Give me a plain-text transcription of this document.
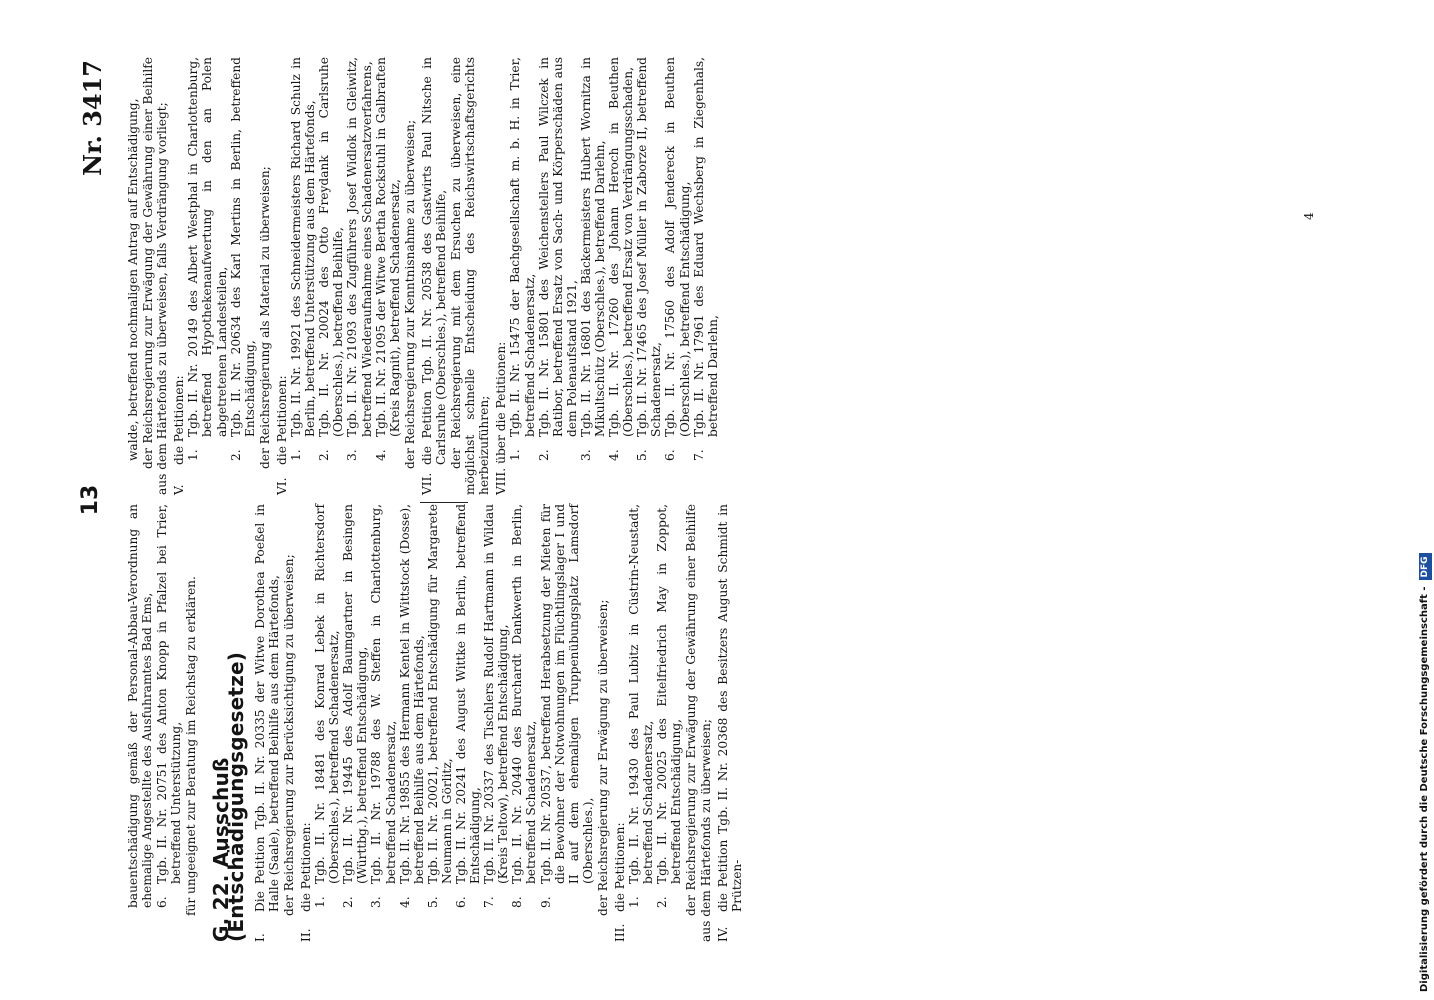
13
Nr. 3417

bauentschädigung gemäß der Personal-Abbau-Verordnung an ehemalige Angestellte des Ausfuhramtes Bad Ems, 6.
Tgb. II. Nr. 20751 des Anton Knopp in Pfalzel bei Trier, betreffend Unterstützung, für ungeeignet zur Beratung im Reichstag zu erklären. G. 22. Ausschuß (Entschädigungsgesetze) I.
Die Petition Tgb. II. Nr. 20335 der Witwe Dorothea Poeßel in Halle (Saale), betreffend Beihilfe aus dem Härtefonds, der Reichsregierung zur Berücksichtigung zu überweisen;

II.
die Petitionen: 1.
Tgb. II. Nr. 18481 des Konrad Lebek in Richtersdorf (Oberschles.), betreffend Schadenersatz,
2.
Tgb. II. Nr. 19445 des Adolf Baumgartner in Besingen (Württbg.), betreffend Entschädigung,
3.
Tgb. II. Nr. 19788 des W. Steffen in Charlottenburg, betreffend Schadenersatz,
4.
Tgb. II. Nr. 19855 des Hermann Kentel in Wittstock (Dosse), betreffend Beihilfe aus dem Härtefonds,
5.
Tgb. II. Nr. 20021, betreffend Entschädigung für Margarete Neumann in Görlitz,
6.
Tgb. II. Nr. 20241 des August Wittke in Berlin, betreffend Entschädigung,
7.
Tgb. II. Nr. 20337 des Tischlers Rudolf Hartmann in Wildau (Kreis Teltow), betreffend Entschädigung,
8.
Tgb. II. Nr. 20440 des Burchardt Dankwerth in Berlin, betreffend Schadenersatz,
9.
Tgb. II. Nr. 20537, betreffend Herabsetzung der Mieten für die Bewohner der Notwohnungen im Flüchtlingslager I und II auf dem ehemaligen Truppenübungsplatz Lamsdorf (Oberschles.), der Reichsregierung zur Erwägung zu überweisen;

III.
die Petitionen: 1.
Tgb. II. Nr. 19430 des Paul Lubitz in Cüstrin-Neustadt, betreffend Schadenersatz,
2.
Tgb. II. Nr. 20025 des Eitelfriedrich May in Zoppot, betreffend Entschädigung, der Reichsregierung zur Erwägung der Gewährung einer Beihilfe aus dem Härtefonds zu überweisen; IV.
die Petition Tgb. II. Nr. 20368 des Besitzers August Schmidt in Prützen-

walde, betreffend nochmaligen Antrag auf Entschädigung, der Reichsregierung zur Erwägung der Gewährung einer Beihilfe aus dem Härtefonds zu überweisen, falls Verdrängung vorliegt; V.
die Petitionen: 1.
Tgb. II. Nr. 20149 des Albert Westphal in Charlottenburg, betreffend Hypothekenaufwertung in den an Polen abgetretenen Landesteilen,
2.
Tgb. II. Nr. 20634 des Karl Mertins in Berlin, betreffend Entschädigung, der Reichsregierung als Material zu überweisen;

VI.
die Petitionen: 1.
Tgb. II. Nr. 19921 des Schneidermeisters Richard Schulz in Berlin, betreffend Unterstützung aus dem Härtefonds,
2.
Tgb. II. Nr. 20024 des Otto Freydank in Carlsruhe (Oberschles.), betreffend Beihilfe,
3.
Tgb. II. Nr. 21093 des Zugführers Josef Widlok in Gleiwitz, betreffend Wiederaufnahme eines Schadenersatzverfahrens,
4.
Tgb. II. Nr. 21095 der Witwe Bertha Rockstuhl in Galbraften (Kreis Ragnit), betreffend Schadenersatz, der Reichsregierung zur Kenntnisnahme zu überweisen;

VII.
die Petition Tgb. II. Nr. 20538 des Gastwirts Paul Nitsche in Carlsruhe (Oberschles.), betreffend Beihilfe, der Reichsregierung mit dem Ersuchen zu überweisen, eine möglichst schnelle Entscheidung des Reichswirtschaftsgerichts herbeizuführen; VIII.
über die Petitionen: 1.
Tgb. II. Nr. 15475 der Bachgesellschaft m. b. H. in Trier, betreffend Schadenersatz,
2.
Tgb. II. Nr. 15801 des Weichenstellers Paul Wilczek in Ratibor, betreffend Ersatz von Sach- und Körperschäden aus dem Polenaufstand 1921,
3.
Tgb. II. Nr. 16801 des Bäckermeisters Hubert Wornitza in Mikultschütz (Oberschles.), betreffend Darlehn,
4.
Tgb. II. Nr. 17260 des Johann Heroch in Beuthen (Oberschles.), betreffend Ersatz von Verdrängungsschaden,
5.
Tgb. II. Nr. 17465 des Josef Müller in Zaborze II, betreffend Schadenersatz,
6.
Tgb. II. Nr. 17560 des Adolf Jendereck in Beuthen (Oberschles.), betreffend Entschädigung,
7.
Tgb. II. Nr. 17961 des Eduard Wechsberg in Ziegenhals, betreffend Darlehn,
4
Digitalisierung gefördert durch die Deutsche Forschungsgemeinschaft -DFG
